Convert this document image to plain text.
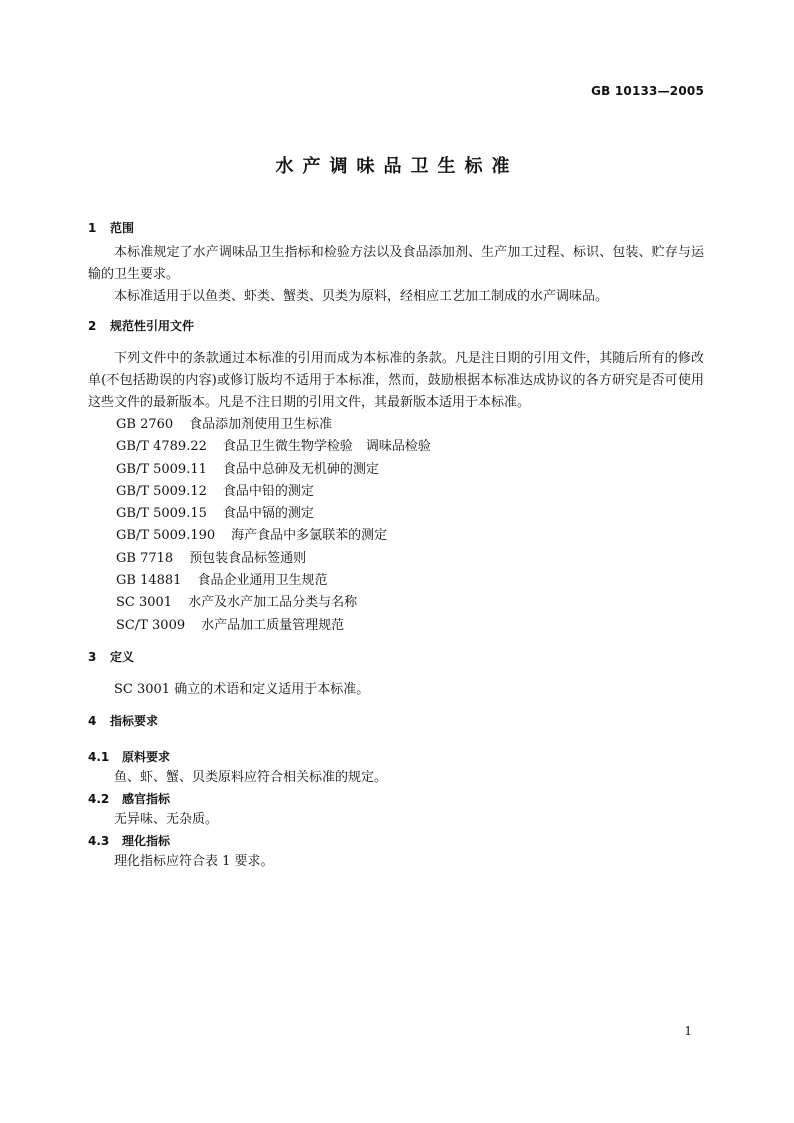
GB 10133—2005
水产调味品卫生标准
1	范围

本标准规定了水产调味品卫生指标和检验方法以及食品添加剂、生产加工过程、标识、包装、贮存与运输的卫生要求。

本标准适用于以鱼类、虾类、蟹类、贝类为原料，经相应工艺加工制成的水产调味品。

2	规范性引用文件

下列文件中的条款通过本标准的引用而成为本标准的条款。凡是注日期的引用文件，其随后所有的修改单(不包括勘误的内容)或修订版均不适用于本标准，然而，鼓励根据本标准达成协议的各方研究是否可使用这些文件的最新版本。凡是不注日期的引用文件，其最新版本适用于本标准。

GB 2760 食品添加剂使用卫生标准
GB/T 4789.22 食品卫生微生物学检验　调味品检验
GB/T 5009.11 食品中总砷及无机砷的测定
GB/T 5009.12 食品中铅的测定
GB/T 5009.15 食品中镉的测定
GB/T 5009.190 海产食品中多氯联苯的测定
GB 7718 预包装食品标签通则
GB 14881 食品企业通用卫生规范
SC 3001 水产及水产加工品分类与名称
SC/T 3009 水产品加工质量管理规范
3	定义

SC 3001 确立的术语和定义适用于本标准。

4	指标要求
4.1	原料要求

鱼、虾、蟹、贝类原料应符合相关标准的规定。

4.2	感官指标

无异味、无杂质。

4.3	理化指标

理化指标应符合表 1 要求。

1
